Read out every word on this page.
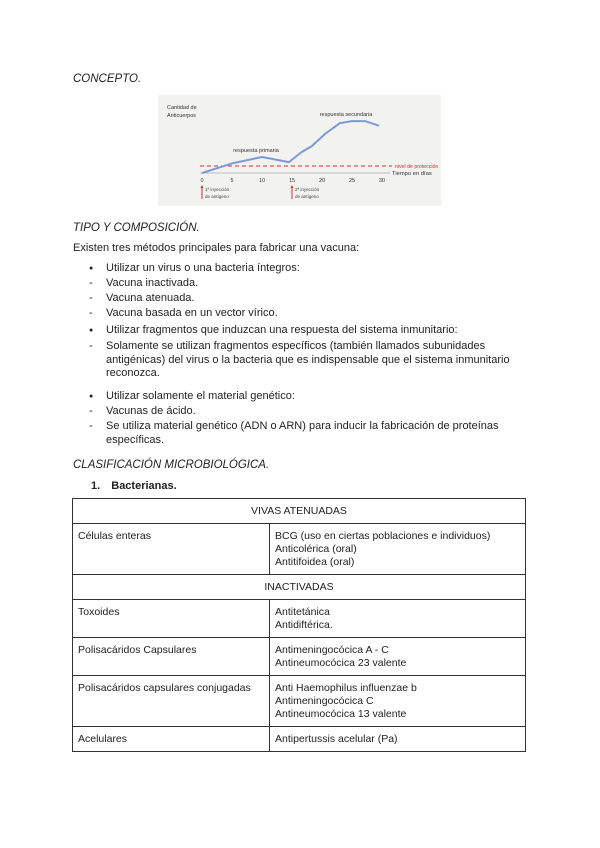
CONCEPTO.
Cantidad de
Anticuerpos
nivel de protección
Tiempo en días
0	5	10	15	20	25	30
respuesta primaria
respuesta secundaria
1ª inyección
de antígeno
2ª inyección
de antígeno
TIPO Y COMPOSICIÓN.
Existen tres métodos principales para fabricar una vacuna:
●	Utilizar un virus o una bacteria íntegros:
-	Vacuna inactivada.
-	Vacuna atenuada.
-	Vacuna basada en un vector vírico.
●	Utilizar fragmentos que induzcan una respuesta del sistema inmunitario:
-	Solamente se utilizan fragmentos específicos (también llamados subunidades
antigénicas) del virus o la bacteria que es indispensable que el sistema inmunitario
reconozca.
●	Utilizar solamente el material genético:
-	Vacunas de ácido.
-	Se utiliza material genético (ADN o ARN) para inducir la fabricación de proteínas
específicas.
CLASIFICACIÓN MICROBIOLÓGICA.
1. Bacterianas.
VIVAS ATENUADAS	
Células enteras	BCG (uso en ciertas poblaciones e individuos)
Anticolérica (oral)
Antitifoidea (oral)

INACTIVADAS	
Toxoides	Antitetánica
Antidiftérica.

Polisacáridos Capsulares	Antimeningocócica A - C
Antineumocócica 23 valente

Polisacáridos capsulares conjugadas	Anti Haemophilus influenzae b
Antimeningocócica C
Antineumocócica 13 valente

Acelulares	Antipertussis acelular (Pa)
